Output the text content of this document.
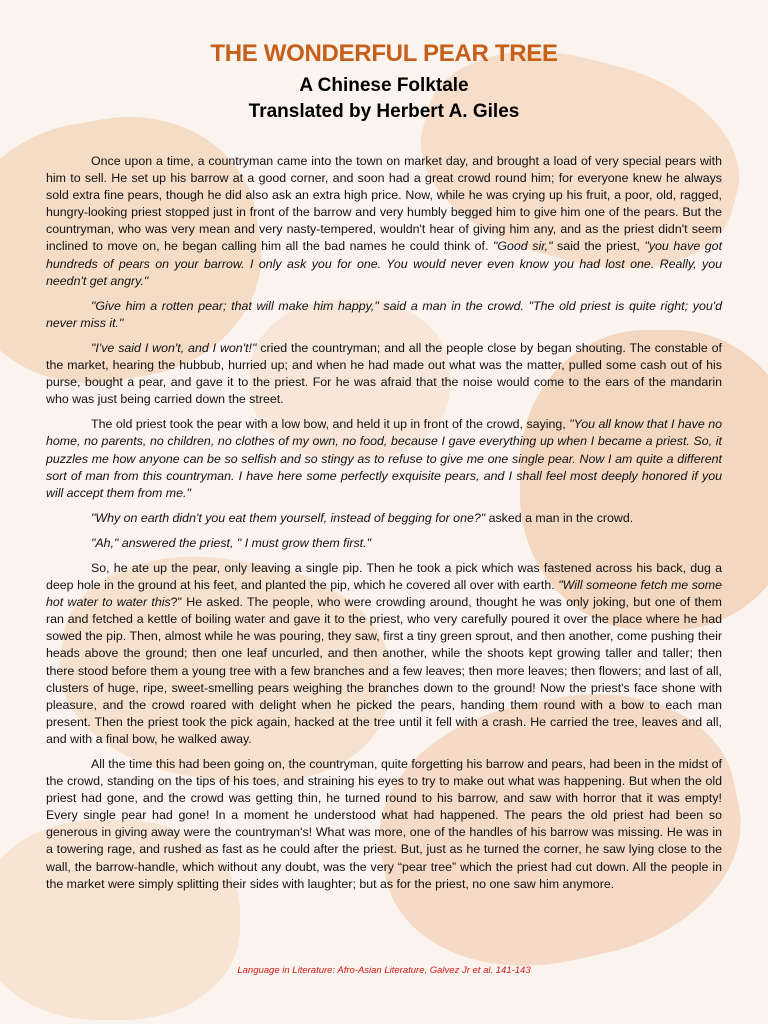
THE WONDERFUL PEAR TREE
A Chinese Folktale
Translated by Herbert A. Giles

Once upon a time, a countryman came into the town on market day, and brought a load of very special pears with him to sell. He set up his barrow at a good corner, and soon had a great crowd round him; for everyone knew he always sold extra fine pears, though he did also ask an extra high price. Now, while he was crying up his fruit, a poor, old, ragged, hungry-looking priest stopped just in front of the barrow and very humbly begged him to give him one of the pears. But the countryman, who was very mean and very nasty-tempered, wouldn't hear of giving him any, and as the priest didn't seem inclined to move on, he began calling him all the bad names he could think of. "Good sir," said the priest, "you have got hundreds of pears on your barrow. I only ask you for one. You would never even know you had lost one. Really, you needn't get angry."

"Give him a rotten pear; that will make him happy," said a man in the crowd. "The old priest is quite right; you'd never miss it."

"I've said I won't, and I won't!" cried the countryman; and all the people close by began shouting. The constable of the market, hearing the hubbub, hurried up; and when he had made out what was the matter, pulled some cash out of his purse, bought a pear, and gave it to the priest. For he was afraid that the noise would come to the ears of the mandarin who was just being carried down the street.

The old priest took the pear with a low bow, and held it up in front of the crowd, saying, "You all know that I have no home, no parents, no children, no clothes of my own, no food, because I gave everything up when I became a priest. So, it puzzles me how anyone can be so selfish and so stingy as to refuse to give me one single pear. Now I am quite a different sort of man from this countryman. I have here some perfectly exquisite pears, and I shall feel most deeply honored if you will accept them from me."

"Why on earth didn't you eat them yourself, instead of begging for one?" asked a man in the crowd.

"Ah," answered the priest, " I must grow them first."

So, he ate up the pear, only leaving a single pip. Then he took a pick which was fastened across his back, dug a deep hole in the ground at his feet, and planted the pip, which he covered all over with earth. "Will someone fetch me some hot water to water this?" He asked. The people, who were crowding around, thought he was only joking, but one of them ran and fetched a kettle of boiling water and gave it to the priest, who very carefully poured it over the place where he had sowed the pip. Then, almost while he was pouring, they saw, first a tiny green sprout, and then another, come pushing their heads above the ground; then one leaf uncurled, and then another, while the shoots kept growing taller and taller; then there stood before them a young tree with a few branches and a few leaves; then more leaves; then flowers; and last of all, clusters of huge, ripe, sweet-smelling pears weighing the branches down to the ground! Now the priest's face shone with pleasure, and the crowd roared with delight when he picked the pears, handing them round with a bow to each man present. Then the priest took the pick again, hacked at the tree until it fell with a crash. He carried the tree, leaves and all, and with a final bow, he walked away.

All the time this had been going on, the countryman, quite forgetting his barrow and pears, had been in the midst of the crowd, standing on the tips of his toes, and straining his eyes to try to make out what was happening. But when the old priest had gone, and the crowd was getting thin, he turned round to his barrow, and saw with horror that it was empty! Every single pear had gone! In a moment he understood what had happened. The pears the old priest had been so generous in giving away were the countryman's! What was more, one of the handles of his barrow was missing. He was in a towering rage, and rushed as fast as he could after the priest. But, just as he turned the corner, he saw lying close to the wall, the barrow-handle, which without any doubt, was the very “pear tree” which the priest had cut down. All the people in the market were simply splitting their sides with laughter; but as for the priest, no one saw him anymore.

Language in Literature: Afro-Asian Literature, Galvez Jr et al. 141-143
